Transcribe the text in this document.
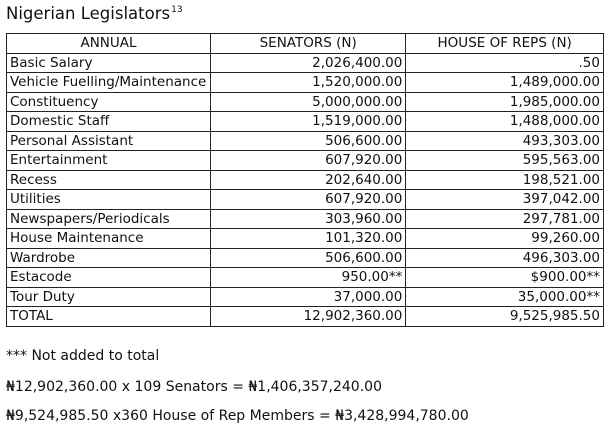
Nigerian Legislators$^{13}$
ANNUAL	SENATORS (N)	HOUSE OF REPS (N)
Basic Salary	2,026,400.00	.50
Vehicle Fuelling/Maintenance	1,520,000.00	1,489,000.00
Constituency	5,000,000.00	1,985,000.00
Domestic Staff	1,519,000.00	1,488,000.00
Personal Assistant	506,600.00	493,303.00
Entertainment	607,920.00	595,563.00
Recess	202,640.00	198,521.00
Utilities	607,920.00	397,042.00
Newspapers/Periodicals	303,960.00	297,781.00
House Maintenance	101,320.00	99,260.00
Wardrobe	506,600.00	496,303.00
Estacode	950.00**	$900.00**
Tour Duty	37,000.00	35,000.00**
TOTAL	12,902,360.00	9,525,985.50
*** Not added to total
₦12,902,360.00 x 109 Senators = ₦1,406,357,240.00
₦9,524,985.50 x360 House of Rep Members = ₦3,428,994,780.00
